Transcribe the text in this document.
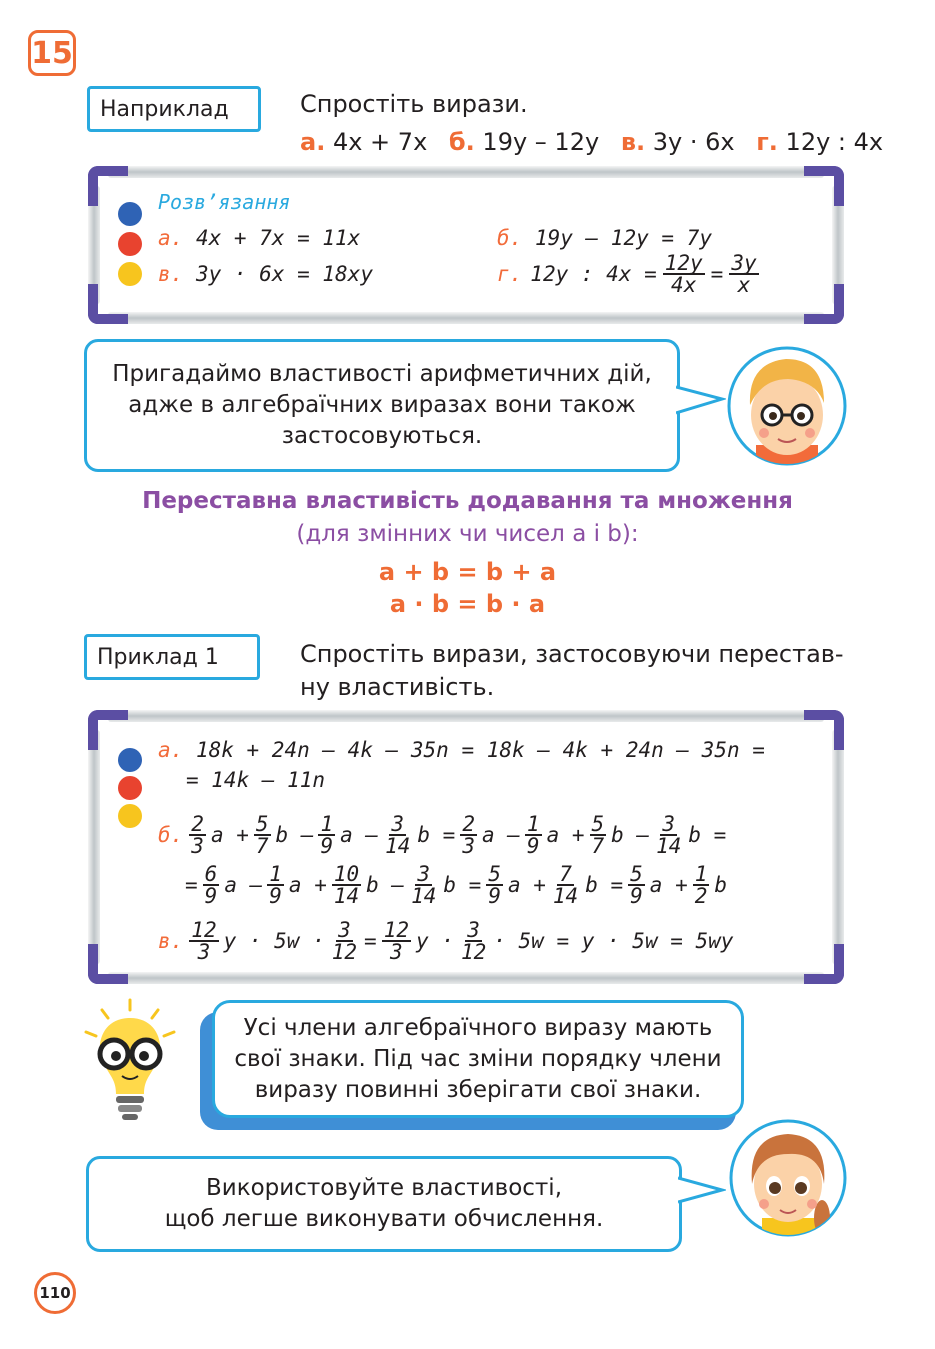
15
Наприклад	Спростіть вирази.
а. 4x + 7x б. 19y – 12y в. 3y · 6x г. 12y : 4x
Розв’язання
а. 4x + 7x = 11x	б. 19y – 12y = 7y
в. 3y · 6x = 18xy	г. 12y : $4x = \frac{12y}{4x} = \frac{3y}{x}$
Пригадаймо властивості арифметичних дій,
адже в алгебраїчних виразах вони також
застосовуються.
Переставна властивість додавання та множення
(для змінних чи чисел a і b):
a + b = b + a
a · b = b · a
Приклад 1	Спростіть вирази, застосовуючи перестав-
ну властивість.
а. 18k + 24n – 4k – 35n = 18k – 4k + 24n – 35n =
= 14k – 11n
б. $\frac{2}{3}$ $a + \frac{5}{7}$ b – $\frac{1}{9}$ a – $\frac{3}{14}$ $b = \frac{2}{3}$ a – $\frac{1}{9}$ $a + \frac{5}{7}$ b – $\frac{3}{14}$ b =
= $\frac{6}{9}$ a – $\frac{1}{9}$ $a + \frac{10}{14}$ b – $\frac{3}{14}$ $b = \frac{5}{9}$ $a + \frac{7}{14}$ $b = \frac{5}{9}$ $a + \frac{1}{2}$ b
в. $\frac{12}{3}$ $y \cdot 5w \cdot \frac{3}{12} = \frac{12}{3}$ $y \cdot \frac{3}{12} \cdot 5w = y \cdot 5w = 5wy$
Усі члени алгебраїчного виразу мають
свої знаки. Під час зміни порядку члени
виразу повинні зберігати свої знаки.
Використовуйте властивості,
щоб легше виконувати обчислення.
110
